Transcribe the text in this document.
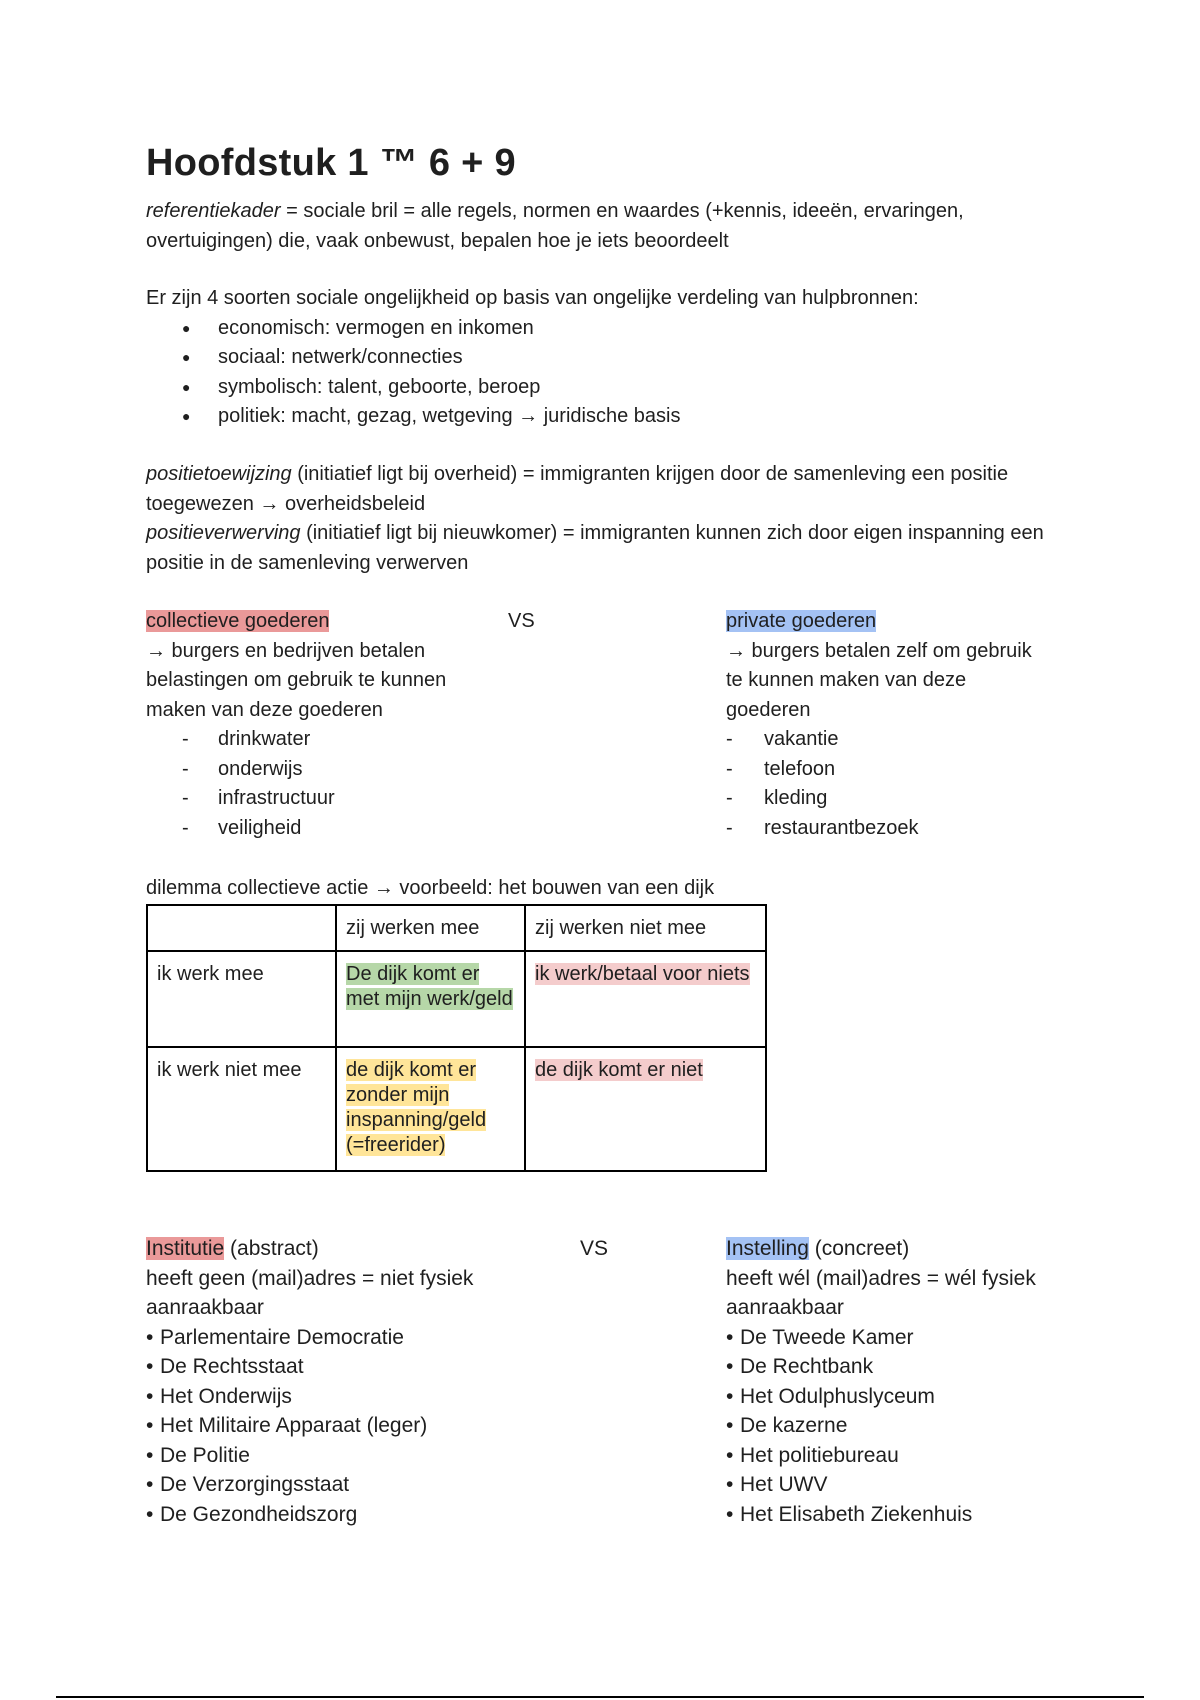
Hoofdstuk 1 ™ 6 + 9
referentiekader = sociale bril = alle regels, normen en waardes (+kennis, ideeën, ervaringen, overtuigingen) die, vaak onbewust, bepalen hoe je iets beoordeelt
Er zijn 4 soorten sociale ongelijkheid op basis van ongelijke verdeling van hulpbronnen:
● economisch: vermogen en inkomen
● sociaal: netwerk/connecties
● symbolisch: talent, geboorte, beroep
● politiek: macht, gezag, wetgeving → juridische basis
positietoewijzing (initiatief ligt bij overheid) = immigranten krijgen door de samenleving een positie toegewezen → overheidsbeleid
positieverwerving (initiatief ligt bij nieuwkomer) = immigranten kunnen zich door eigen inspanning een positie in de samenleving verwerven
collectieve goederen
→ burgers en bedrijven betalen belastingen om gebruik te kunnen maken van deze goederen
- drinkwater
- onderwijs
- infrastructuur
- veiligheid
VS	private goederen
→ burgers betalen zelf om gebruik te kunnen maken van deze goederen
- vakantie
- telefoon
- kleding
- restaurantbezoek
dilemma collectieve actie → voorbeeld: het bouwen van een dijk
	zij werken mee	zij werken niet mee
ik werk mee	De dijk komt er met mijn werk/geld	ik werk/betaal voor niets
ik werk niet mee	de dijk komt er zonder mijn inspanning/geld (=freerider)	de dijk komt er niet
Institutie (abstract)
heeft geen (mail)adres = niet fysiek aanraakbaar
• Parlementaire Democratie
• De Rechtsstaat
• Het Onderwijs
• Het Militaire Apparaat (leger)
• De Politie
• De Verzorgingsstaat
• De Gezondheidszorg
VS	Instelling (concreet)
heeft wél (mail)adres = wél fysiek aanraakbaar
• De Tweede Kamer
• De Rechtbank
• Het Odulphuslyceum
• De kazerne
• Het politiebureau
• Het UWV
• Het Elisabeth Ziekenhuis
